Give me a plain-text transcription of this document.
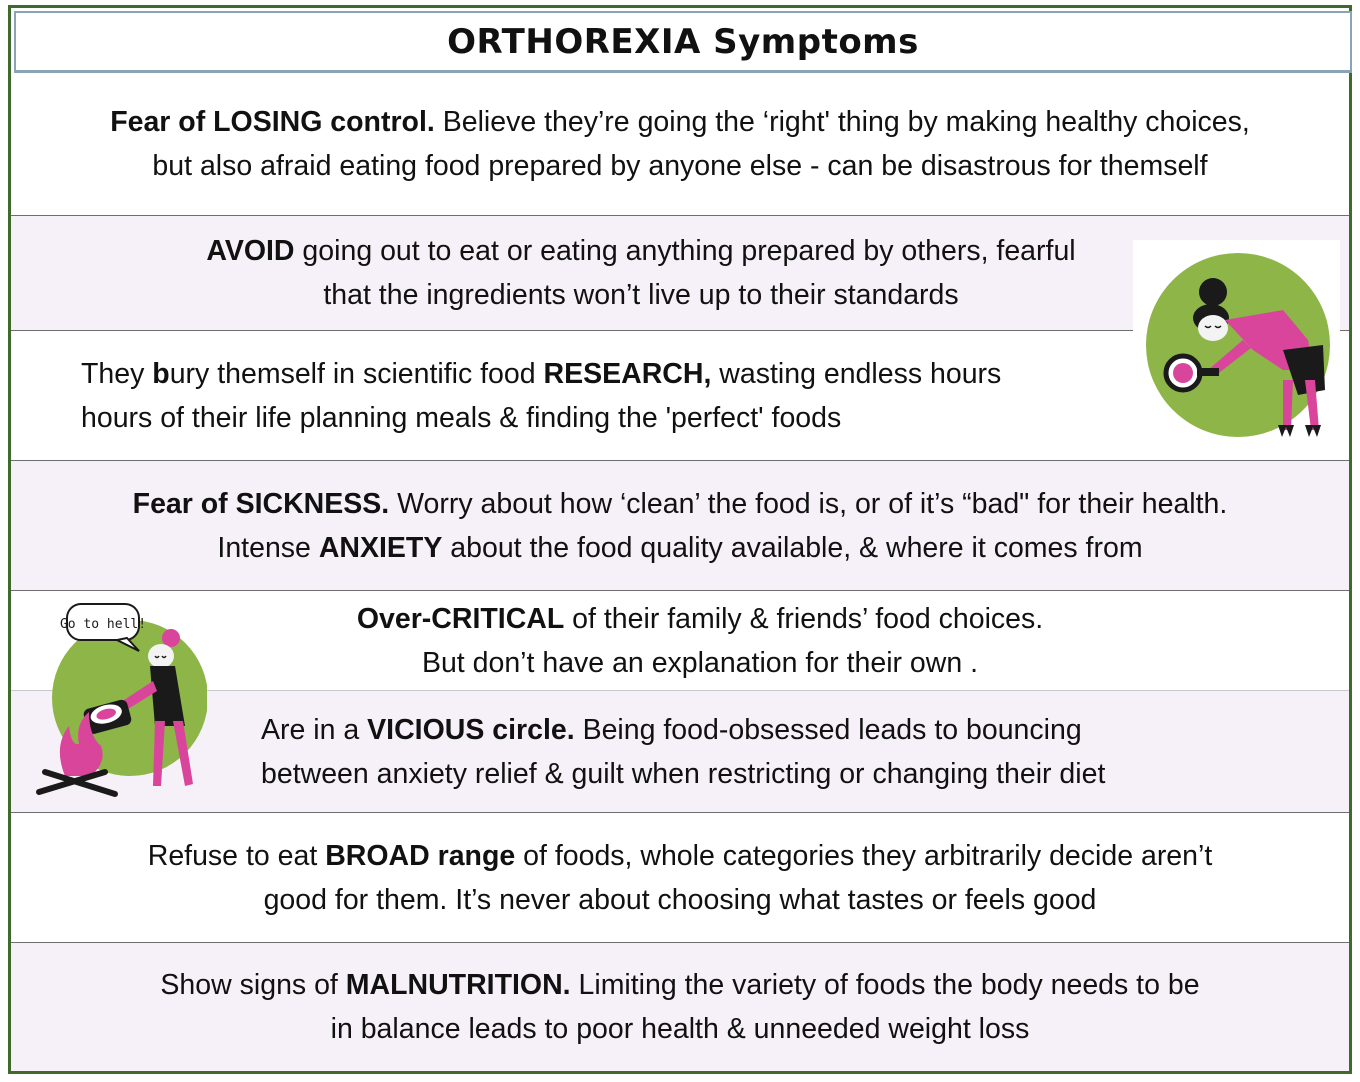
ORTHOREXIA Symptoms

Fear of LOSING control. Believe they’re going the ‘right' thing by making healthy choices,
but also afraid eating food prepared by anyone else - can be disastrous for themself

AVOID going out to eat or eating anything prepared by others, fearful
that the ingredients won’t live up to their standards

They bury themself in scientific food RESEARCH, wasting endless hours
hours of their life planning meals & finding the 'perfect' foods

Fear of SICKNESS. Worry about how ‘clean’ the food is, or of it’s “bad" for their health.
Intense ANXIETY about the food quality available, & where it comes from

Over-CRITICAL of their family & friends’ food choices.
But don’t have an explanation for their own .

Are in a VICIOUS circle. Being food-obsessed leads to bouncing
between anxiety relief & guilt when restricting or changing their diet

Refuse to eat BROAD range of foods, whole categories they arbitrarily decide aren’t
good for them. It’s never about choosing what tastes or feels good

Show signs of MALNUTRITION. Limiting the variety of foods the body needs to be
in balance leads to poor health & unneeded weight loss

Go to hell!
